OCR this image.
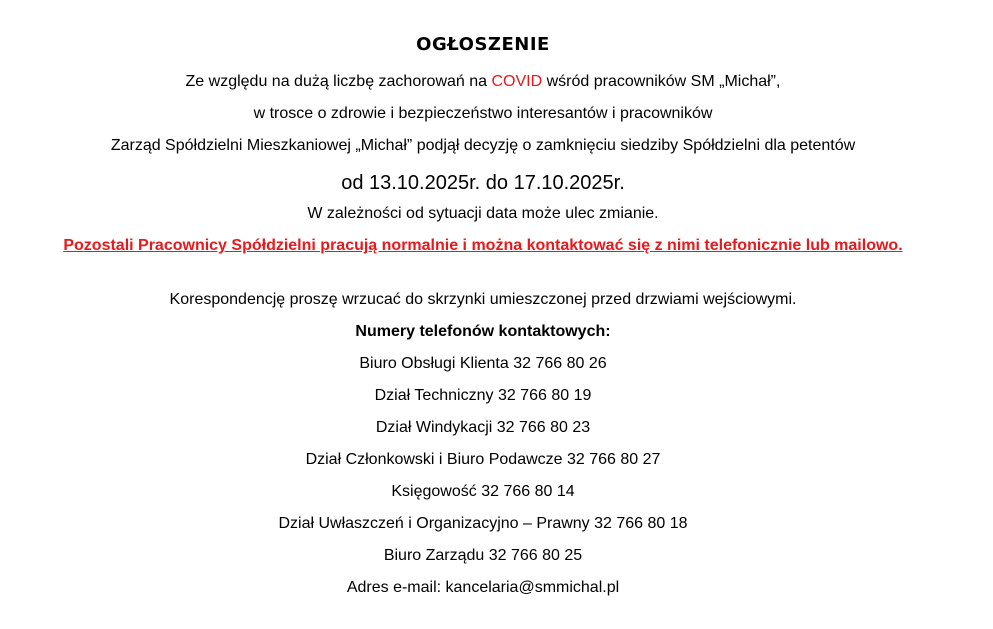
OGŁOSZENIE
Ze względu na dużą liczbę zachorowań na COVID wśród pracowników SM „Michał”,
w trosce o zdrowie i bezpieczeństwo interesantów i pracowników
Zarząd Spółdzielni Mieszkaniowej „Michał” podjął decyzję o zamknięciu siedziby Spółdzielni dla petentów
od 13.10.2025r. do 17.10.2025r.
W zależności od sytuacji data może ulec zmianie.
Pozostali Pracownicy Spółdzielni pracują normalnie i można kontaktować się z nimi telefonicznie lub mailowo.
Korespondencję proszę wrzucać do skrzynki umieszczonej przed drzwiami wejściowymi.
Numery telefonów kontaktowych:
Biuro Obsługi Klienta 32 766 80 26
Dział Techniczny 32 766 80 19
Dział Windykacji 32 766 80 23
Dział Członkowski i Biuro Podawcze 32 766 80 27
Księgowość 32 766 80 14
Dział Uwłaszczeń i Organizacyjno – Prawny 32 766 80 18
Biuro Zarządu 32 766 80 25
Adres e-mail: kancelaria@smmichal.pl
